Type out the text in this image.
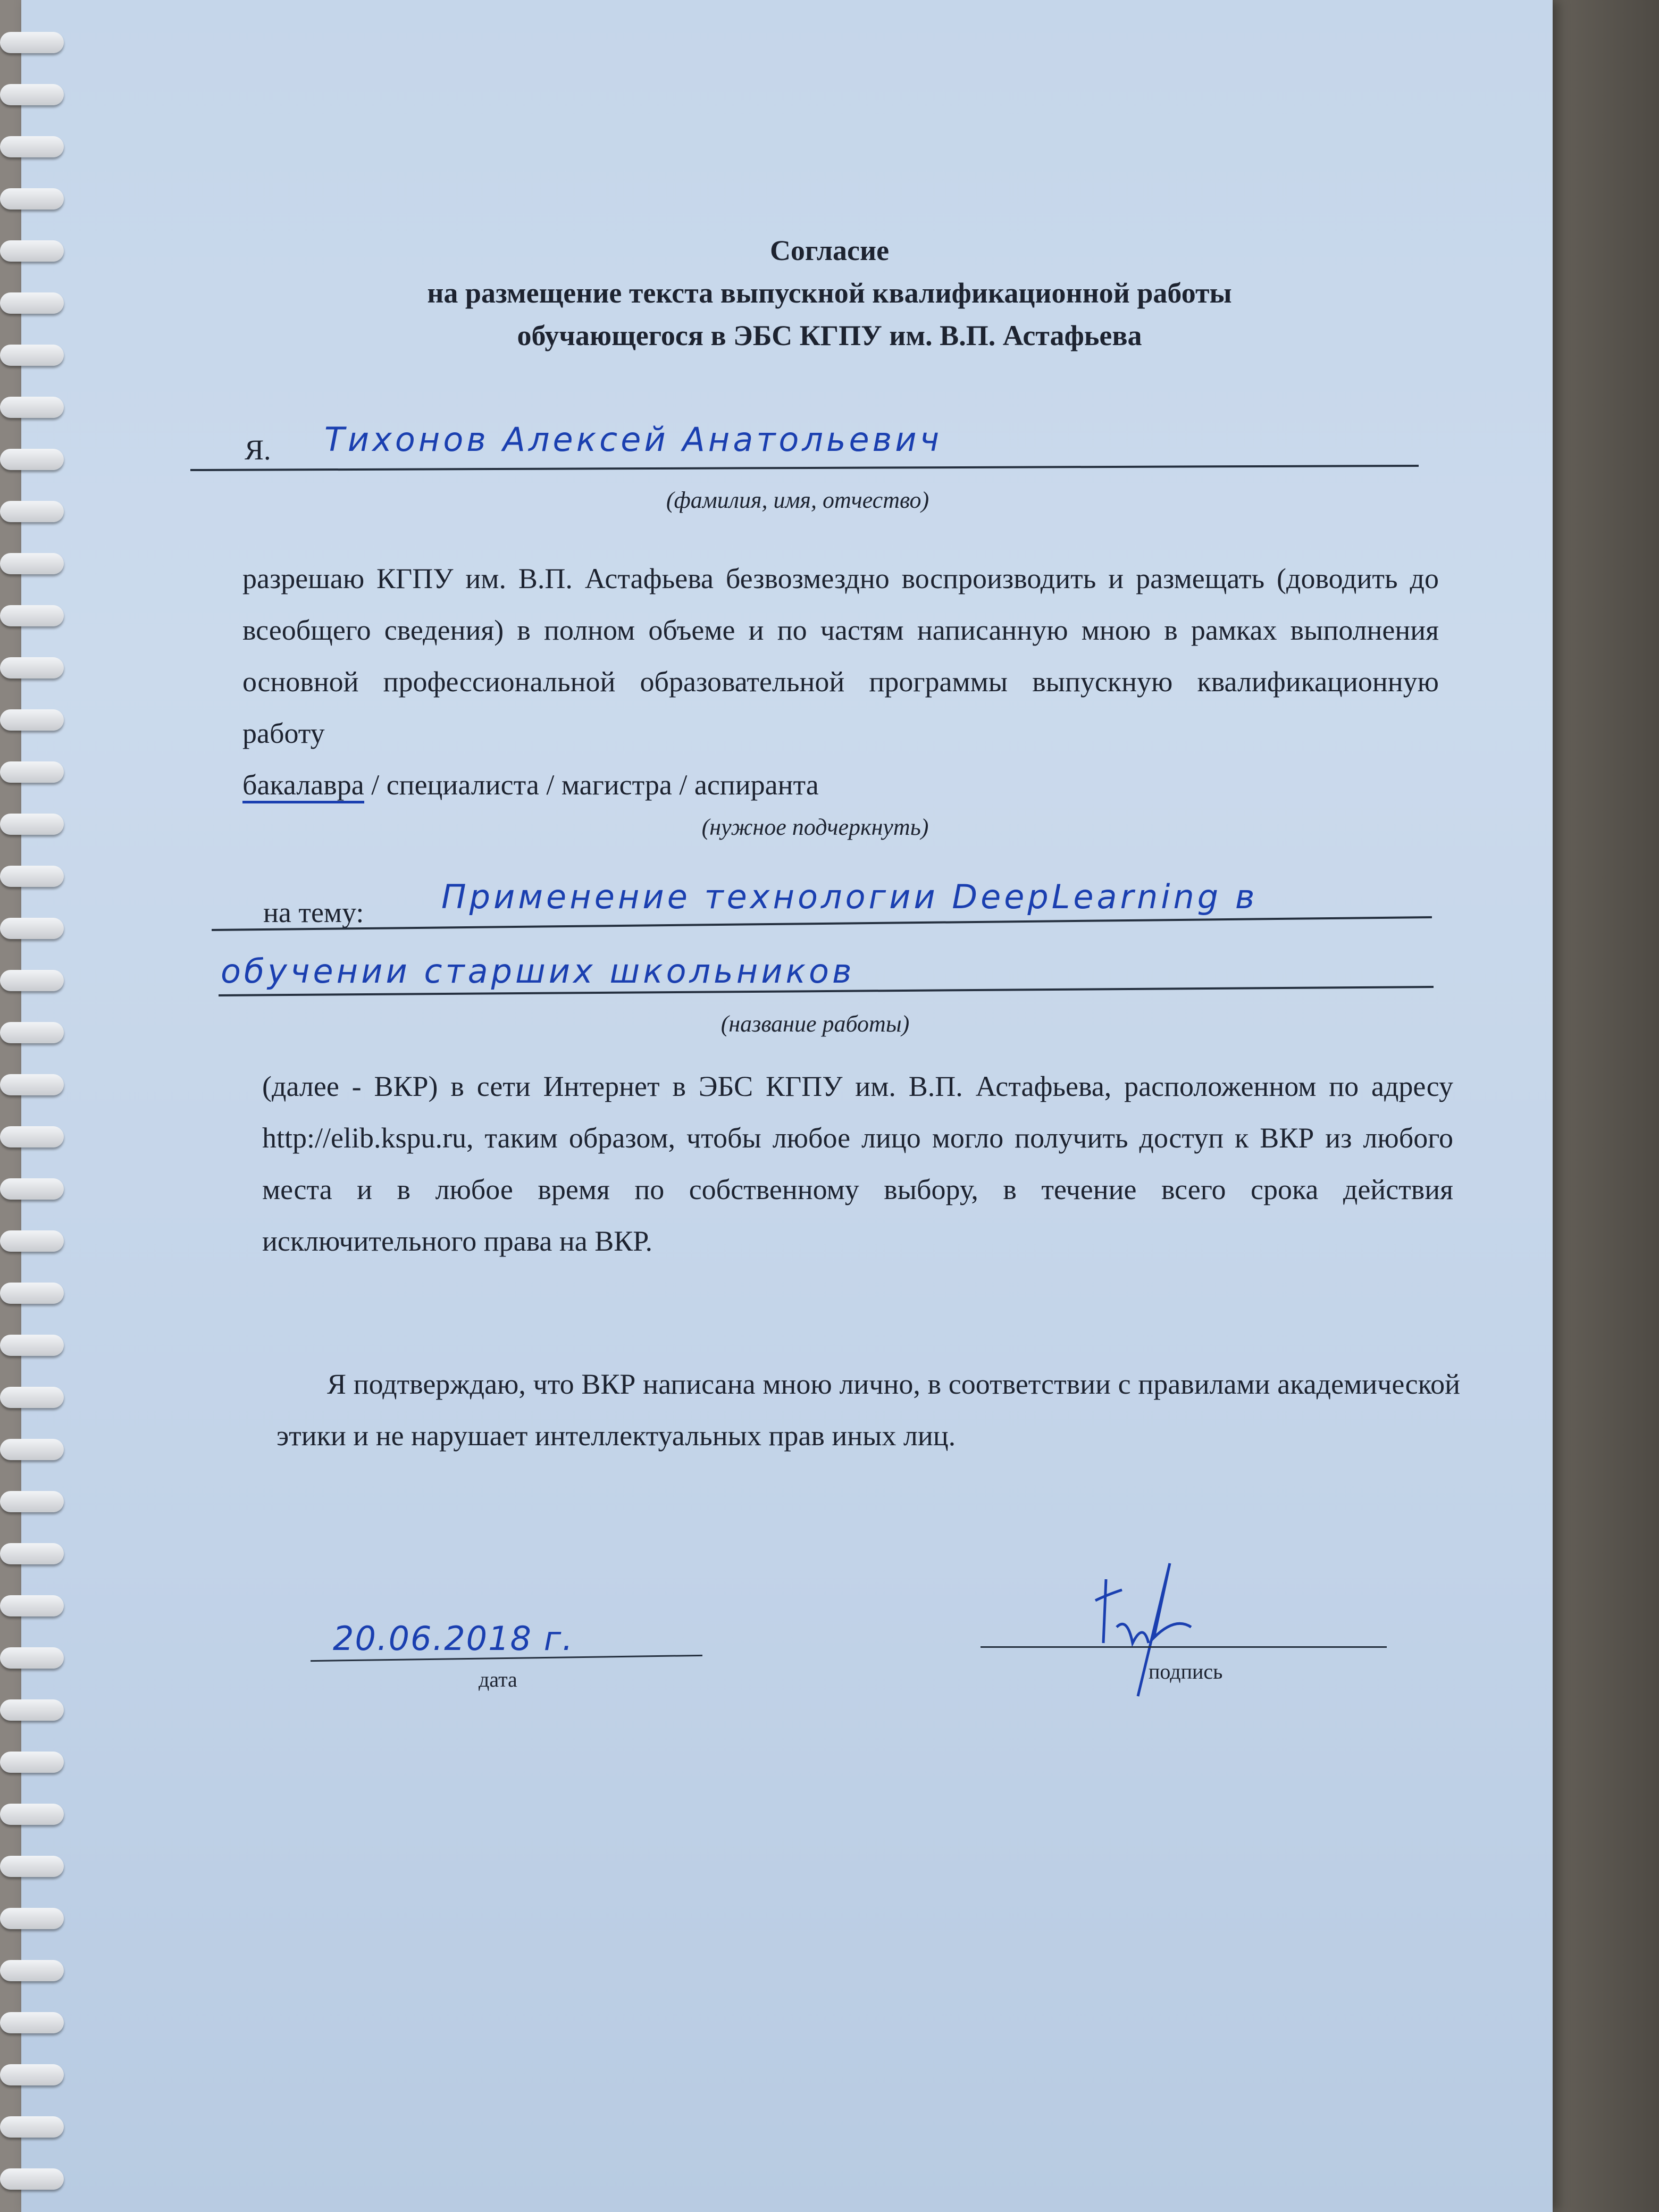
Согласие
на размещение текста выпускной квалификационной работы
обучающегося в ЭБС КГПУ им. В.П. Астафьева
Я. Тихонов Алексей Анатольевич
(фамилия, имя, отчество)
разрешаю КГПУ им. В.П. Астафьева безвозмездно воспроизводить и размещать (доводить до всеобщего сведения) в полном объеме и по частям написанную мною в рамках выполнения основной профессиональной образовательной программы выпускную квалификационную работу
бакалавра / специалиста / магистра / аспиранта
(нужное подчеркнуть)
на тему: Применение технологии DeepLearning в
обучении старших школьников
(название работы)
(далее - ВКР) в сети Интернет в ЭБС КГПУ им. В.П. Астафьева, расположенном по адресу http://elib.kspu.ru, таким образом, чтобы любое лицо могло получить доступ к ВКР из любого места и в любое время по собственному выбору, в течение всего срока действия исключительного права на ВКР.
Я подтверждаю, что ВКР написана мною лично, в соответствии с правилами академической этики и не нарушает интеллектуальных прав иных лиц.
20.06.2018 г.
дата	подпись
